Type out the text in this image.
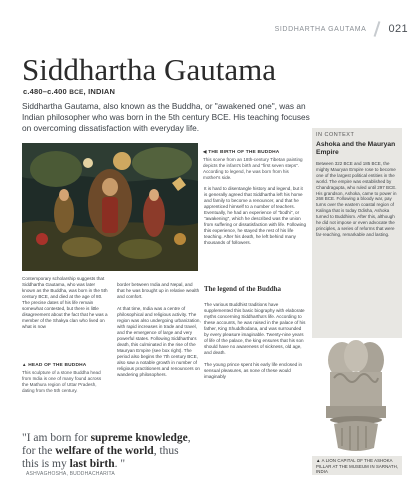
SIDDHARTHA GAUTAMA 021
Siddhartha Gautama
c.480–c.400 BCE, INDIAN

Siddhartha Gautama, also known as the Buddha, or "awakened one", was an Indian philosopher who was born in the 5th century BCE. His teaching focuses on overcoming dissatisfaction with everyday life.

◀ THE BIRTH OF THE BUDDHA
This scene from an 18th-century Tibetan painting depicts the infant's birth and "first seven steps". According to legend, he was born from his mother's side.
Contemporary scholarship suggests that Siddhartha Gautama, who was later known as the Buddha, was born in the 5th century BCE, and died at the age of 80. The precise dates of his life remain somewhat contested, but there is little disagreement about the fact that he was a member of the Shakya clan who lived on what is now
▲ HEAD OF THE BUDDHA
This sculpture of a stone Buddha head from India is one of many found across the Mathura region of Uttar Pradesh, dating from the 5th century.

border between India and Nepal, and that he was brought up in relative wealth and comfort.

At that time, India was a centre of philosophical and religious activity. The region was also undergoing urbanization, with rapid increases in trade and travel, and the emergence of large and very powerful states. Following Siddhartha's death, this culminated in the rise of the Mauryan Empire (see box right). The period also begins the 7th century BCE, also saw a notable growth in number of religious practitioners and renouncers on wandering philosophers.

It is hard to disentangle history and legend, but it is generally agreed that Siddhartha left his home and family to become a renouncer, and that he apprenticed himself to a number of teachers. Eventually, he had an experience of "bodhi", or "awakening", which he described was the union from suffering or dissatisfaction with life. Following this experience, he stayed the rest of his life teaching. After his death, he left behind many thousands of followers.
The legend of the Buddha

The various Buddhist traditions have supplemented this basic biography with elaborate myths concerning Siddhartha's life. According to these accounts, he was raised in the palace of his father, King Shuddhodana, and was surrounded by every pleasure imaginable. Twenty-nine years of life of the palace, the king ensures that his son should have no awareness of sickness, old age, and death.

The young prince spent his early life enclosed in sensual pleasures, as none of these would imaginably

IN CONTEXT
Ashoka and the Mauryan Empire
Between 322 BCE and 185 BCE, the mighty Mauryan Empire rose to become one of the largest political entities in the world. The empire was established by Chandragupta, who ruled until 297 BCE. His grandson, Ashoka, came to power in 268 BCE. Following a bloody war, pay turns over the eastern coastal region of Kalinga that is today Odisha, Ashoka turned to Buddhism. After this, although he did not impose or even advocate the principles, a series of reforms that were far-reaching, remarkable and lasting.
▲ A LION CAPITAL OF THE ASHOKA PILLAR AT THE MUSEUM IN SARNATH, INDIA
"I am born for supreme knowledge,
for the welfare of the world, thus
this is my last birth. "
ASHVAGHOSHA, BUDDHACHARITA
